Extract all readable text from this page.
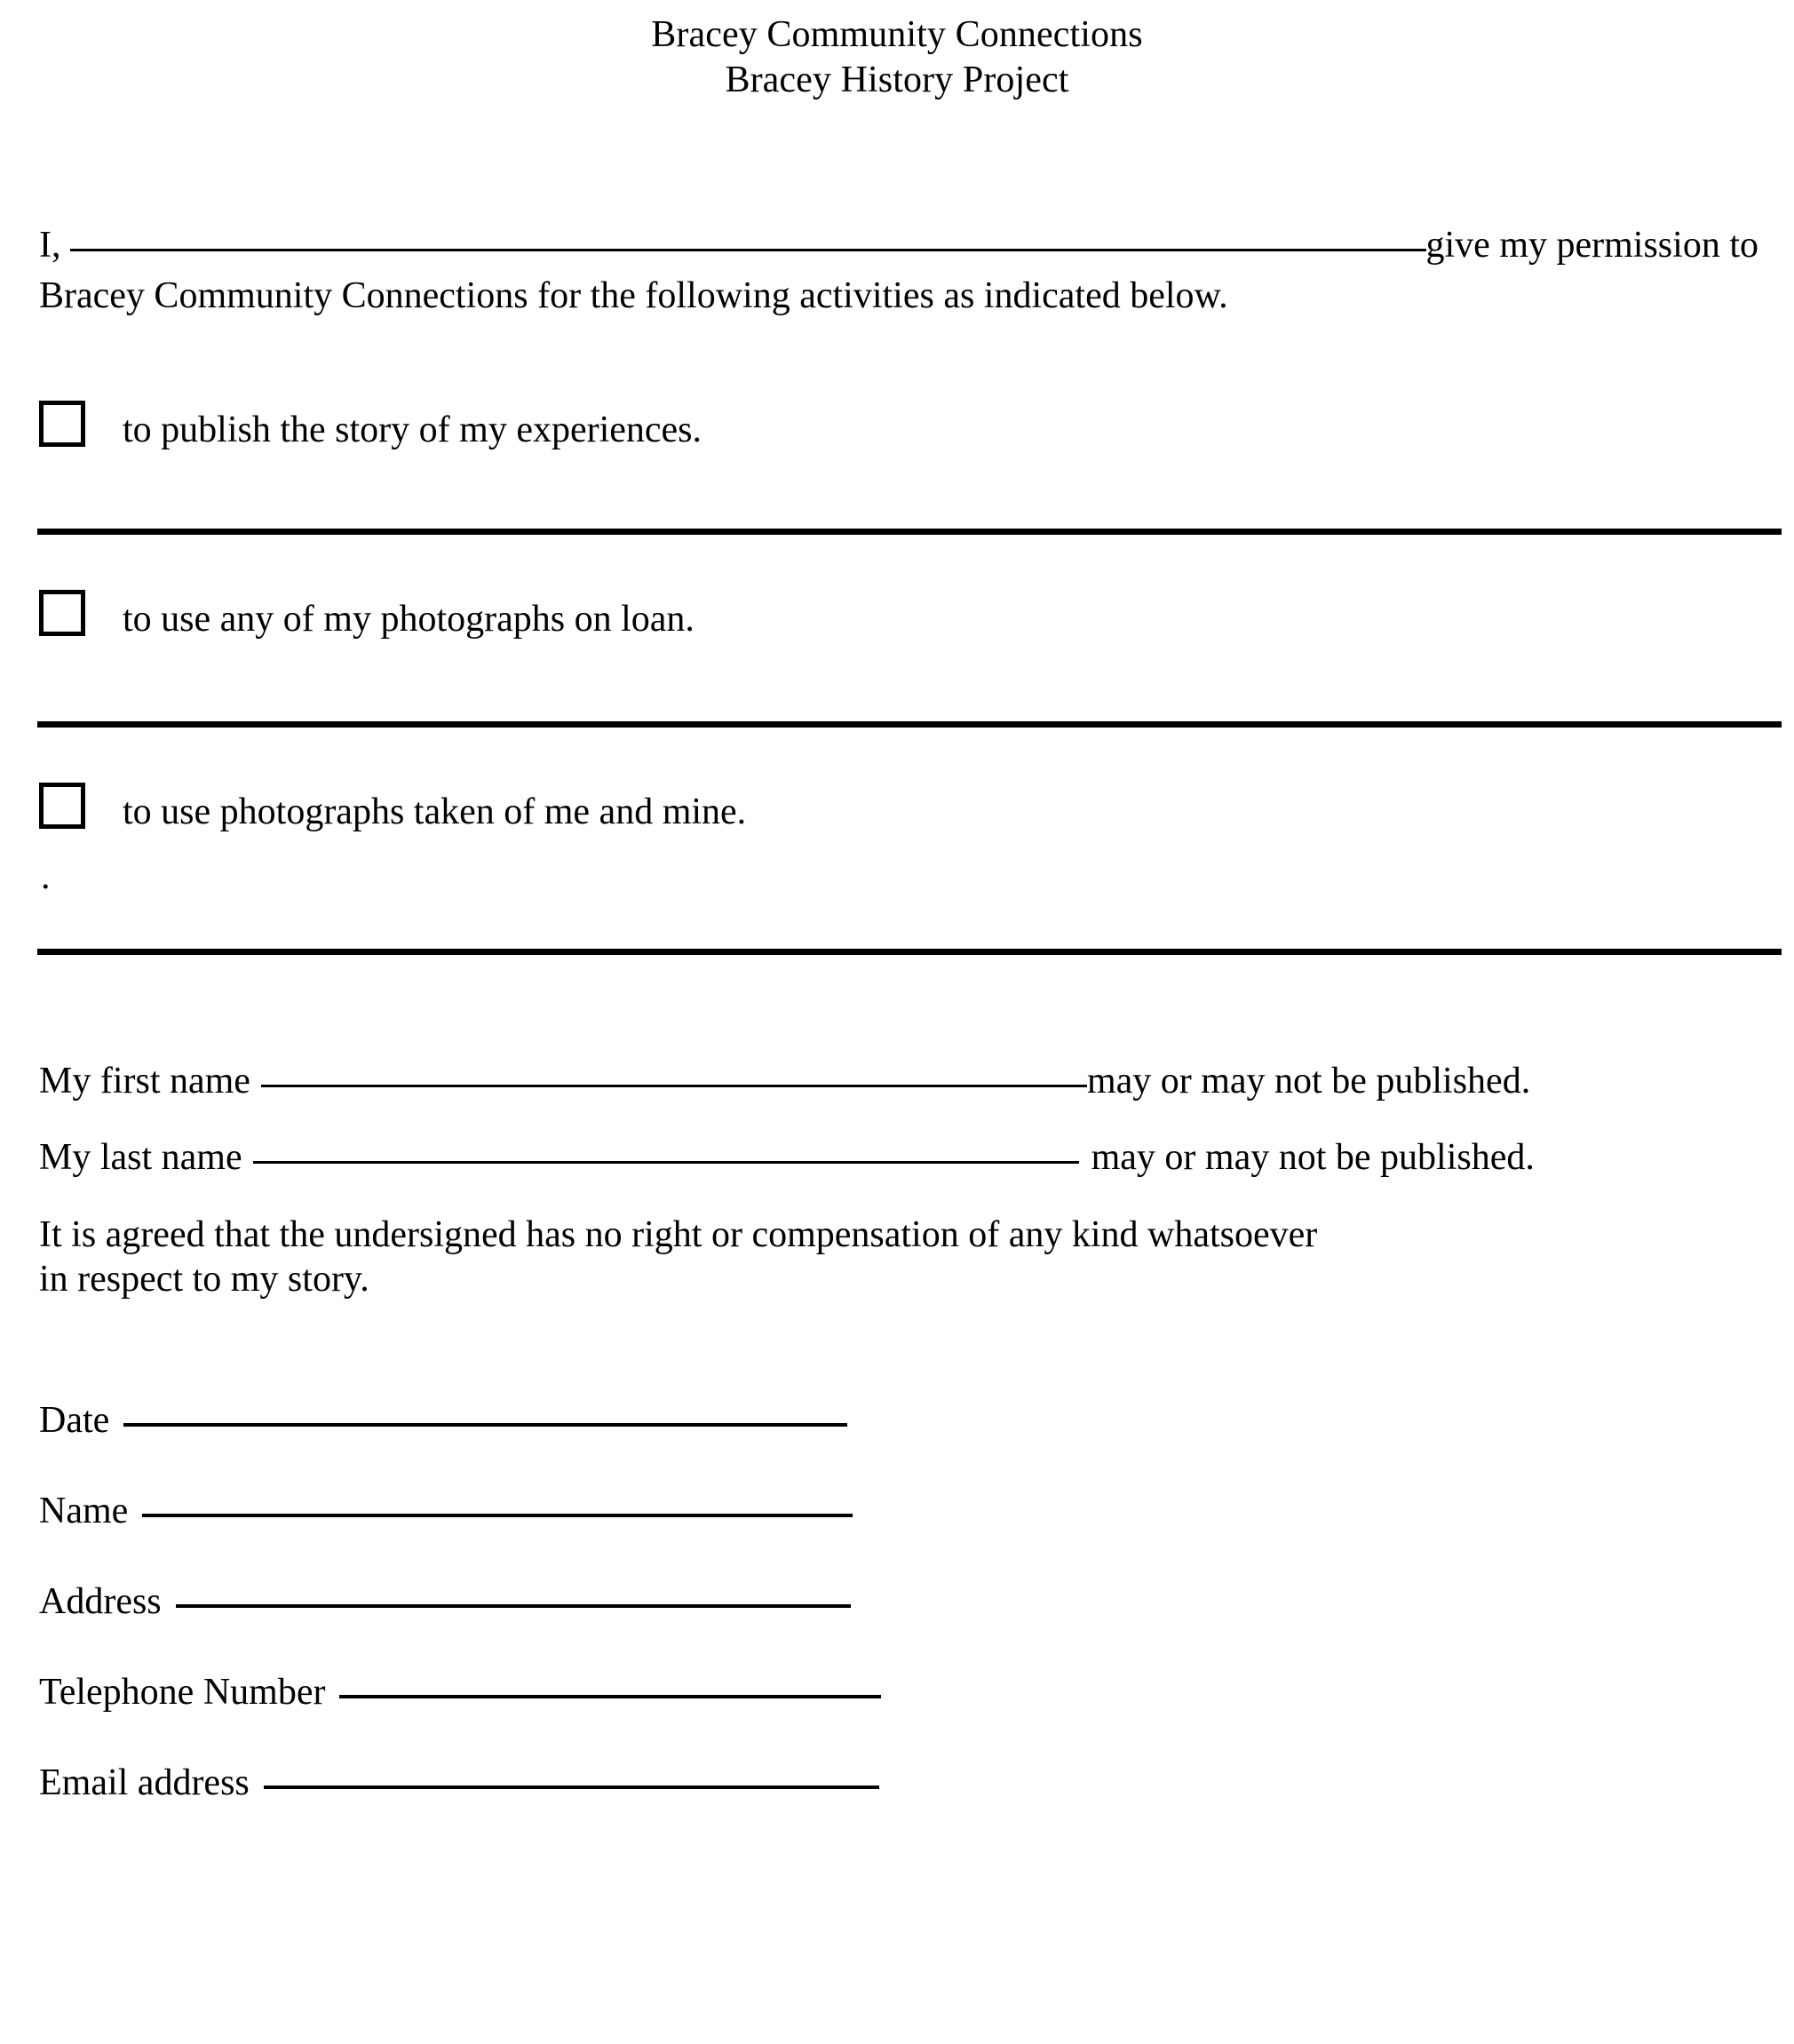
Bracey Community Connections
Bracey History Project
I,	give my permission to
Bracey Community Connections for the following activities as indicated below.
to publish the story of my experiences.
to use any of my photographs on loan.
to use photographs taken of me and mine.
.
My first name	may or may not be published.
My last name	may or may not be published.
It is agreed that the undersigned has no right or compensation of any kind whatsoever
in respect to my story.
Date
Name
Address
Telephone Number
Email address
